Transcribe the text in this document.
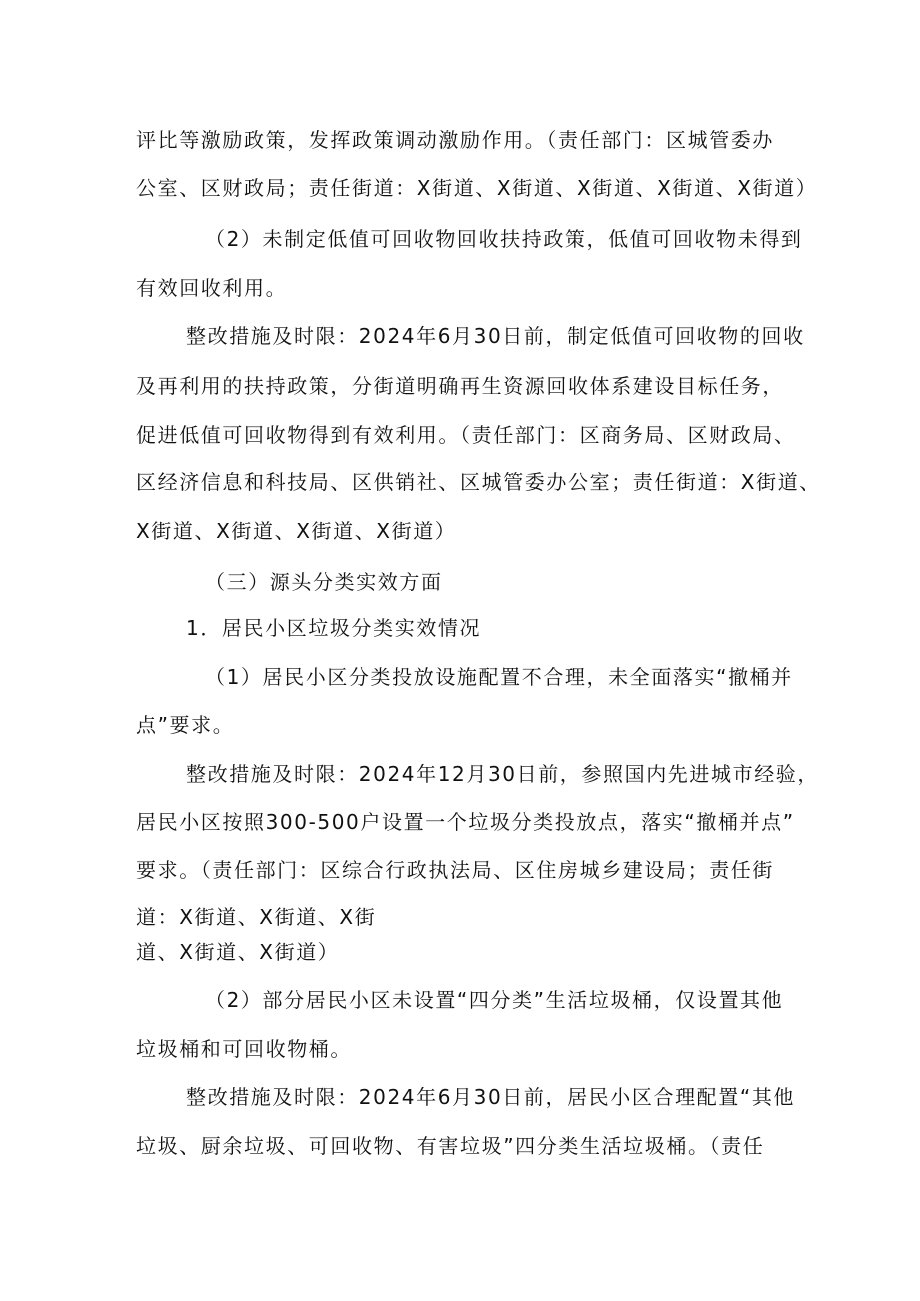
评比等激励政策，发挥政策调动激励作用。（责任部门：区城管委办
公室、区财政局；责任街道：X街道、X街道、X街道、X街道、X街道）
（2）未制定低值可回收物回收扶持政策，低值可回收物未得到
有效回收利用。
整改措施及时限：2024年6月30日前，制定低值可回收物的回收
及再利用的扶持政策，分街道明确再生资源回收体系建设目标任务，
促进低值可回收物得到有效利用。（责任部门：区商务局、区财政局、
区经济信息和科技局、区供销社、区城管委办公室；责任街道：X街道、
X街道、X街道、X街道、X街道）
（三）源头分类实效方面
1．居民小区垃圾分类实效情况
（1）居民小区分类投放设施配置不合理，未全面落实“撤桶并
点”要求。
整改措施及时限：2024年12月30日前，参照国内先进城市经验，
居民小区按照300-500户设置一个垃圾分类投放点，落实“撤桶并点”
要求。（责任部门：区综合行政执法局、区住房城乡建设局；责任街
道：X街道、X街道、X街
道、X街道、X街道）
（2）部分居民小区未设置“四分类”生活垃圾桶，仅设置其他
垃圾桶和可回收物桶。
整改措施及时限：2024年6月30日前，居民小区合理配置“其他
垃圾、厨余垃圾、可回收物、有害垃圾”四分类生活垃圾桶。（责任
